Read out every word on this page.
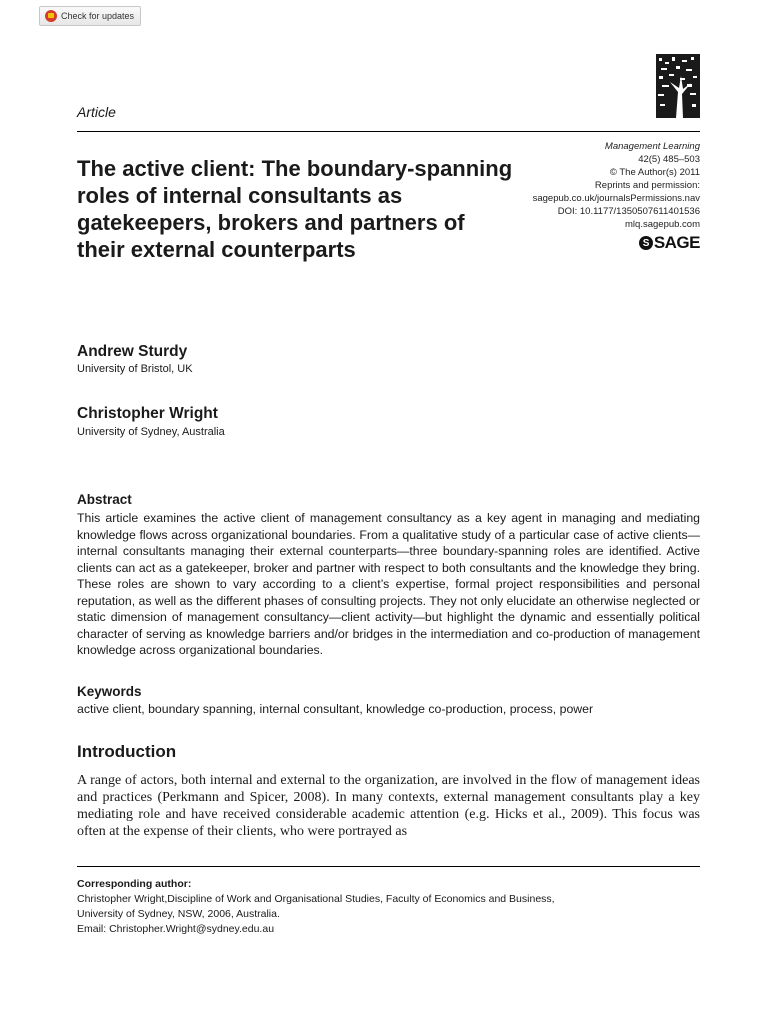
Check for updates
Article
Management Learning
42(5) 485–503
© The Author(s) 2011
Reprints and permission:
sagepub.co.uk/journalsPermissions.nav
DOI: 10.1177/1350507611401536
mlq.sagepub.com
S SAGE
The active client: The boundary-spanning roles of internal consultants as gatekeepers, brokers and partners of their external counterparts
Andrew Sturdy
University of Bristol, UK
Christopher Wright
University of Sydney, Australia
Abstract
This article examines the active client of management consultancy as a key agent in managing and mediating knowledge flows across organizational boundaries. From a qualitative study of a particular case of active clients—internal consultants managing their external counterparts—three boundary-spanning roles are identified. Active clients can act as a gatekeeper, broker and partner with respect to both consultants and the knowledge they bring. These roles are shown to vary according to a client’s expertise, formal project responsibilities and personal reputation, as well as the different phases of consulting projects. They not only elucidate an otherwise neglected or static dimension of management consultancy—client activity—but highlight the dynamic and essentially political character of serving as knowledge barriers and/or bridges in the intermediation and co-production of management knowledge across organizational boundaries.
Keywords
active client, boundary spanning, internal consultant, knowledge co-production, process, power
Introduction
A range of actors, both internal and external to the organization, are involved in the flow of management ideas and practices (Perkmann and Spicer, 2008). In many contexts, external management consultants play a key mediating role and have received considerable academic attention (e.g. Hicks et al., 2009). This focus was often at the expense of their clients, who were portrayed as
Corresponding author:
Christopher Wright,Discipline of Work and Organisational Studies, Faculty of Economics and Business,
University of Sydney, NSW, 2006, Australia.
Email: Christopher.Wright@sydney.edu.au
